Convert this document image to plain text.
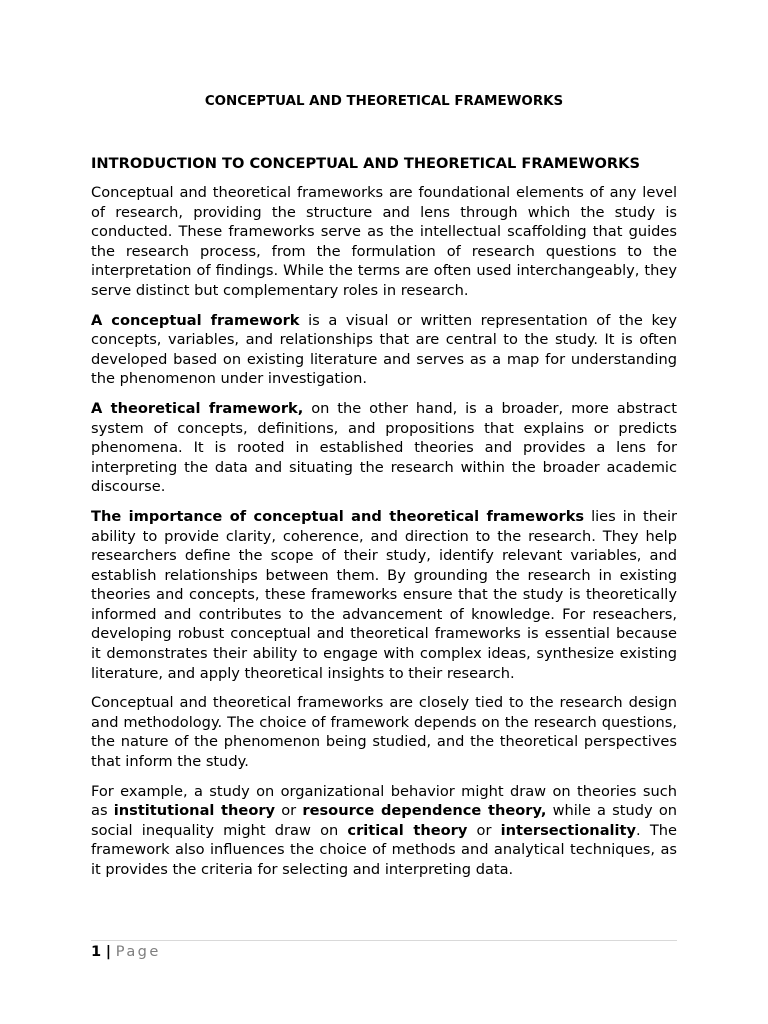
CONCEPTUAL AND THEORETICAL FRAMEWORKS
INTRODUCTION TO CONCEPTUAL AND THEORETICAL FRAMEWORKS

Conceptual and theoretical frameworks are foundational elements of any level of research, providing the structure and lens through which the study is conducted. These frameworks serve as the intellectual scaffolding that guides the research process, from the formulation of research questions to the interpretation of findings. While the terms are often used interchangeably, they serve distinct but complementary roles in research.

A conceptual framework is a visual or written representation of the key concepts, variables, and relationships that are central to the study. It is often developed based on existing literature and serves as a map for understanding the phenomenon under investigation.

A theoretical framework, on the other hand, is a broader, more abstract system of concepts, definitions, and propositions that explains or predicts phenomena. It is rooted in established theories and provides a lens for interpreting the data and situating the research within the broader academic discourse.

The importance of conceptual and theoretical frameworks lies in their ability to provide clarity, coherence, and direction to the research. They help researchers define the scope of their study, identify relevant variables, and establish relationships between them. By grounding the research in existing theories and concepts, these frameworks ensure that the study is theoretically informed and contributes to the advancement of knowledge. For reseachers, developing robust conceptual and theoretical frameworks is essential because it demonstrates their ability to engage with complex ideas, synthesize existing literature, and apply theoretical insights to their research.

Conceptual and theoretical frameworks are closely tied to the research design and methodology. The choice of framework depends on the research questions, the nature of the phenomenon being studied, and the theoretical perspectives that inform the study.

For example, a study on organizational behavior might draw on theories such as institutional theory or resource dependence theory, while a study on social inequality might draw on critical theory or intersectionality. The framework also influences the choice of methods and analytical techniques, as it provides the criteria for selecting and interpreting data.

1 | Page
